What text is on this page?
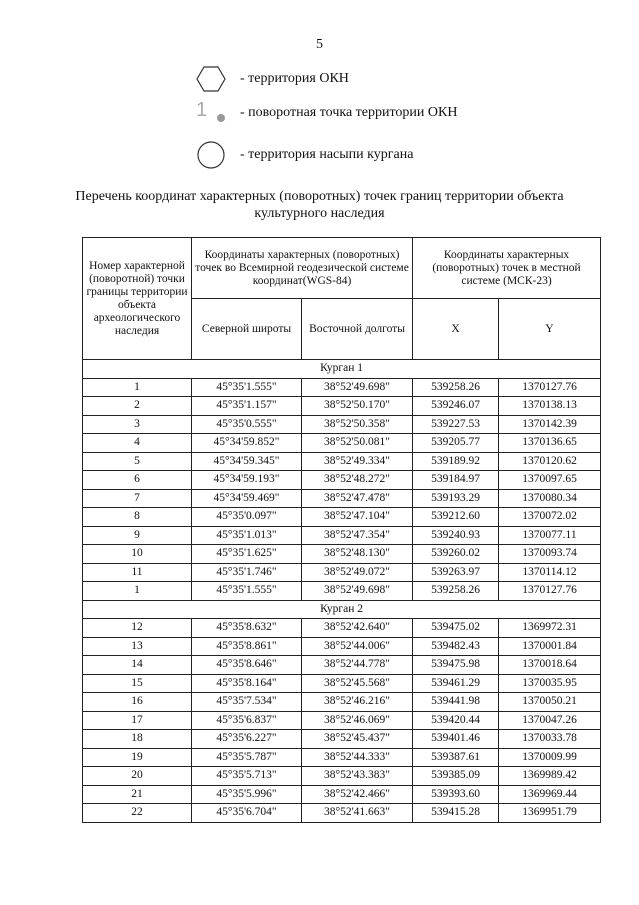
5
- территория ОКН
1 - поворотная точка территории ОКН
- территория насыпи кургана
Перечень координат характерных (поворотных) точек границ территории объекта культурного наследия
Номер характерной (поворотной) точки границы территории объекта археологического наследия	Координаты характерных (поворотных) точек во Всемирной геодезической системе координат(WGS-84)		Координаты характерных (поворотных) точек в местной системе (МСК-23)	
	Северной широты	Восточной долготы	X	Y
Курган 1				
1	45°35'1.555"	38°52'49.698"	539258.26	1370127.76
2	45°35'1.157"	38°52'50.170"	539246.07	1370138.13
3	45°35'0.555"	38°52'50.358"	539227.53	1370142.39
4	45°34'59.852"	38°52'50.081"	539205.77	1370136.65
5	45°34'59.345"	38°52'49.334"	539189.92	1370120.62
6	45°34'59.193"	38°52'48.272"	539184.97	1370097.65
7	45°34'59.469"	38°52'47.478"	539193.29	1370080.34
8	45°35'0.097"	38°52'47.104"	539212.60	1370072.02
9	45°35'1.013"	38°52'47.354"	539240.93	1370077.11
10	45°35'1.625"	38°52'48.130"	539260.02	1370093.74
11	45°35'1.746"	38°52'49.072"	539263.97	1370114.12
1	45°35'1.555"	38°52'49.698"	539258.26	1370127.76
Курган 2				
12	45°35'8.632"	38°52'42.640"	539475.02	1369972.31
13	45°35'8.861"	38°52'44.006"	539482.43	1370001.84
14	45°35'8.646"	38°52'44.778"	539475.98	1370018.64
15	45°35'8.164"	38°52'45.568"	539461.29	1370035.95
16	45°35'7.534"	38°52'46.216"	539441.98	1370050.21
17	45°35'6.837"	38°52'46.069"	539420.44	1370047.26
18	45°35'6.227"	38°52'45.437"	539401.46	1370033.78
19	45°35'5.787"	38°52'44.333"	539387.61	1370009.99
20	45°35'5.713"	38°52'43.383"	539385.09	1369989.42
21	45°35'5.996"	38°52'42.466"	539393.60	1369969.44
22	45°35'6.704"	38°52'41.663"	539415.28	1369951.79
